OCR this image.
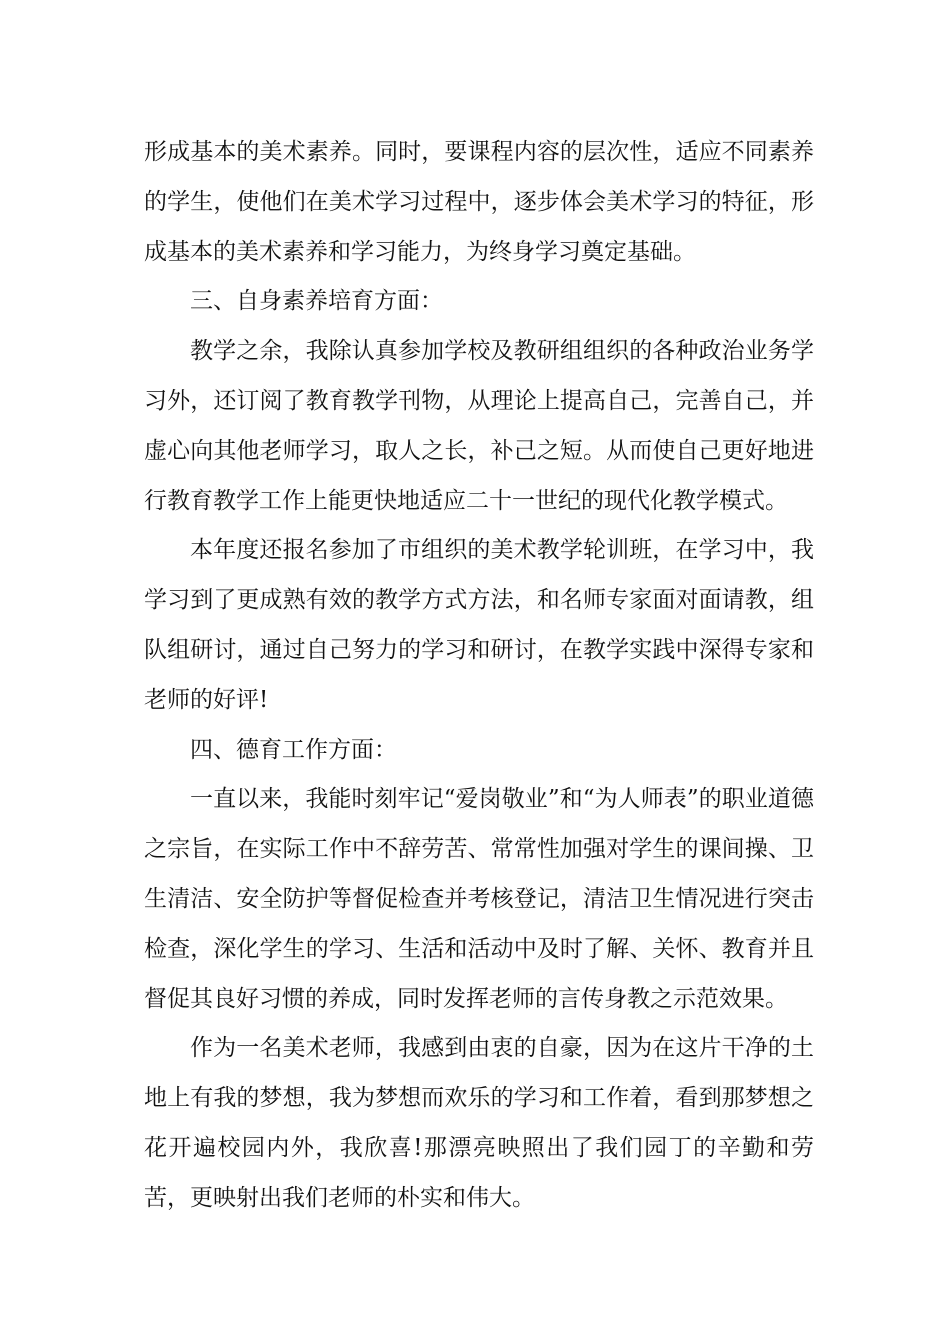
形成基本的美术素养。同时，要课程内容的层次性，适应不同素养的学生，使他们在美术学习过程中，逐步体会美术学习的特征，形成基本的美术素养和学习能力，为终身学习奠定基础。

三、自身素养培育方面：

教学之余，我除认真参加学校及教研组组织的各种政治业务学习外，还订阅了教育教学刊物，从理论上提高自己，完善自己，并虚心向其他老师学习，取人之长，补己之短。从而使自己更好地进行教育教学工作上能更快地适应二十一世纪的现代化教学模式。

本年度还报名参加了市组织的美术教学轮训班，在学习中，我学习到了更成熟有效的教学方式方法，和名师专家面对面请教，组队组研讨，通过自己努力的学习和研讨，在教学实践中深得专家和老师的好评!

四、德育工作方面：

一直以来，我能时刻牢记“爱岗敬业”和“为人师表”的职业道德之宗旨，在实际工作中不辞劳苦、常常性加强对学生的课间操、卫生清洁、安全防护等督促检查并考核登记，清洁卫生情况进行突击检查，深化学生的学习、生活和活动中及时了解、关怀、教育并且督促其良好习惯的养成，同时发挥老师的言传身教之示范效果。

作为一名美术老师，我感到由衷的自豪，因为在这片干净的土地上有我的梦想，我为梦想而欢乐的学习和工作着，看到那梦想之花开遍校园内外，我欣喜!那漂亮映照出了我们园丁的辛勤和劳苦，更映射出我们老师的朴实和伟大。
